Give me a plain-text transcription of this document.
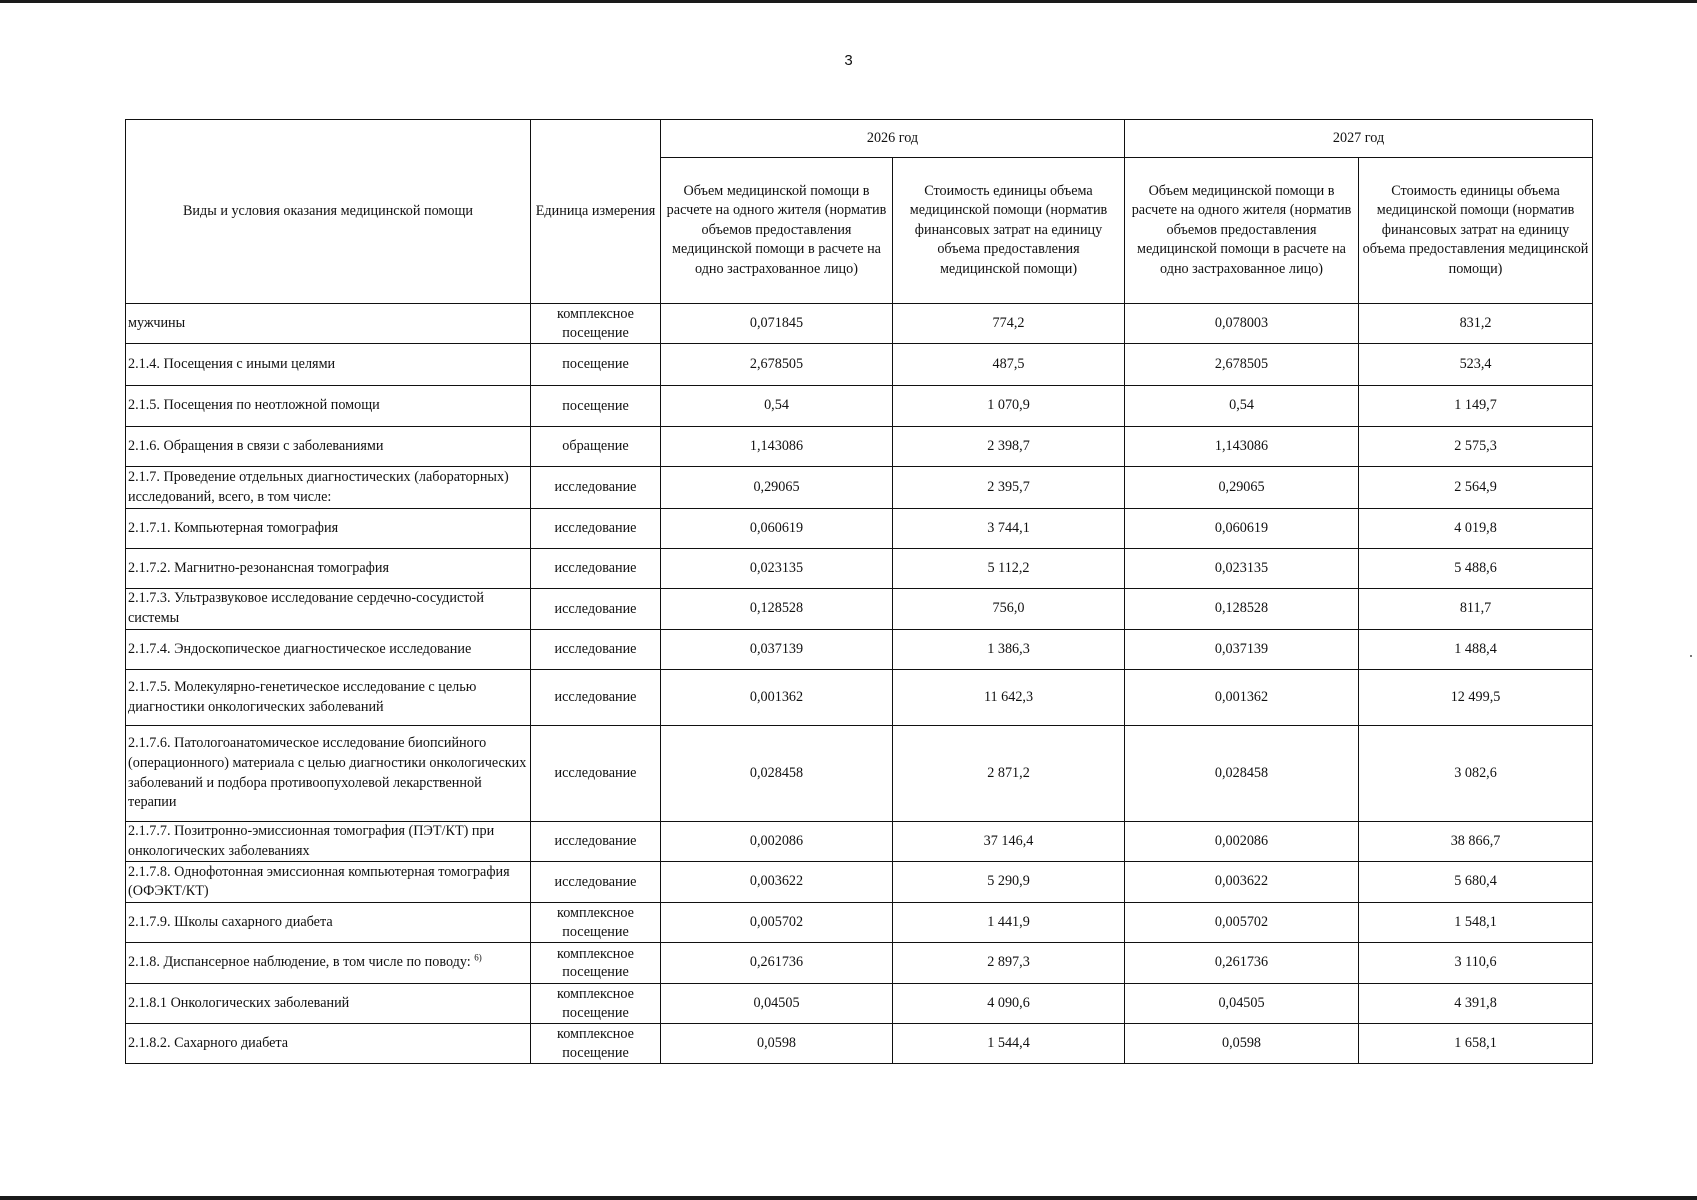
3
Виды и условия оказания медицинской помощи	Единица измерения	2026 год		2027 год	
		Объем медицинской помощи в расчете на одного жителя (норматив объемов предоставления медицинской помощи в расчете на одно застрахованное лицо)	Стоимость единицы объема медицинской помощи (норматив финансовых затрат на единицу объема предоставления медицинской помощи)	Объем медицинской помощи в расчете на одного жителя (норматив объемов предоставления медицинской помощи в расчете на одно застрахованное лицо)	Стоимость единицы объема медицинской помощи (норматив финансовых затрат на единицу объема предоставления медицинской помощи)
мужчины	комплексное посещение	0,071845	774,2	0,078003	831,2
2.1.4. Посещения с иными целями	посещение	2,678505	487,5	2,678505	523,4
2.1.5. Посещения по неотложной помощи	посещение	0,54	1 070,9	0,54	1 149,7
2.1.6. Обращения в связи с заболеваниями	обращение	1,143086	2 398,7	1,143086	2 575,3
2.1.7. Проведение отдельных диагностических (лабораторных) исследований, всего, в том числе:	исследование	0,29065	2 395,7	0,29065	2 564,9
2.1.7.1. Компьютерная томография	исследование	0,060619	3 744,1	0,060619	4 019,8
2.1.7.2. Магнитно-резонансная томография	исследование	0,023135	5 112,2	0,023135	5 488,6
2.1.7.3. Ультразвуковое исследование сердечно-сосудистой системы	исследование	0,128528	756,0	0,128528	811,7
2.1.7.4. Эндоскопическое диагностическое исследование	исследование	0,037139	1 386,3	0,037139	1 488,4
2.1.7.5. Молекулярно-генетическое исследование с целью диагностики онкологических заболеваний	исследование	0,001362	11 642,3	0,001362	12 499,5
2.1.7.6. Патологоанатомическое исследование биопсийного (операционного) материала с целью диагностики онкологических заболеваний и подбора противоопухолевой лекарственной терапии	исследование	0,028458	2 871,2	0,028458	3 082,6
2.1.7.7. Позитронно-эмиссионная томография (ПЭТ/КТ) при онкологических заболеваниях	исследование	0,002086	37 146,4	0,002086	38 866,7
2.1.7.8. Однофотонная эмиссионная компьютерная томография (ОФЭКТ/КТ)	исследование	0,003622	5 290,9	0,003622	5 680,4
2.1.7.9. Школы сахарного диабета	комплексное посещение	0,005702	1 441,9	0,005702	1 548,1
2.1.8. Диспансерное наблюдение, в том числе по поводу: $^{6)}$	комплексное посещение	0,261736	2 897,3	0,261736	3 110,6
2.1.8.1 Онкологических заболеваний	комплексное посещение	0,04505	4 090,6	0,04505	4 391,8
2.1.8.2. Сахарного диабета	комплексное посещение	0,0598	1 544,4	0,0598	1 658,1
